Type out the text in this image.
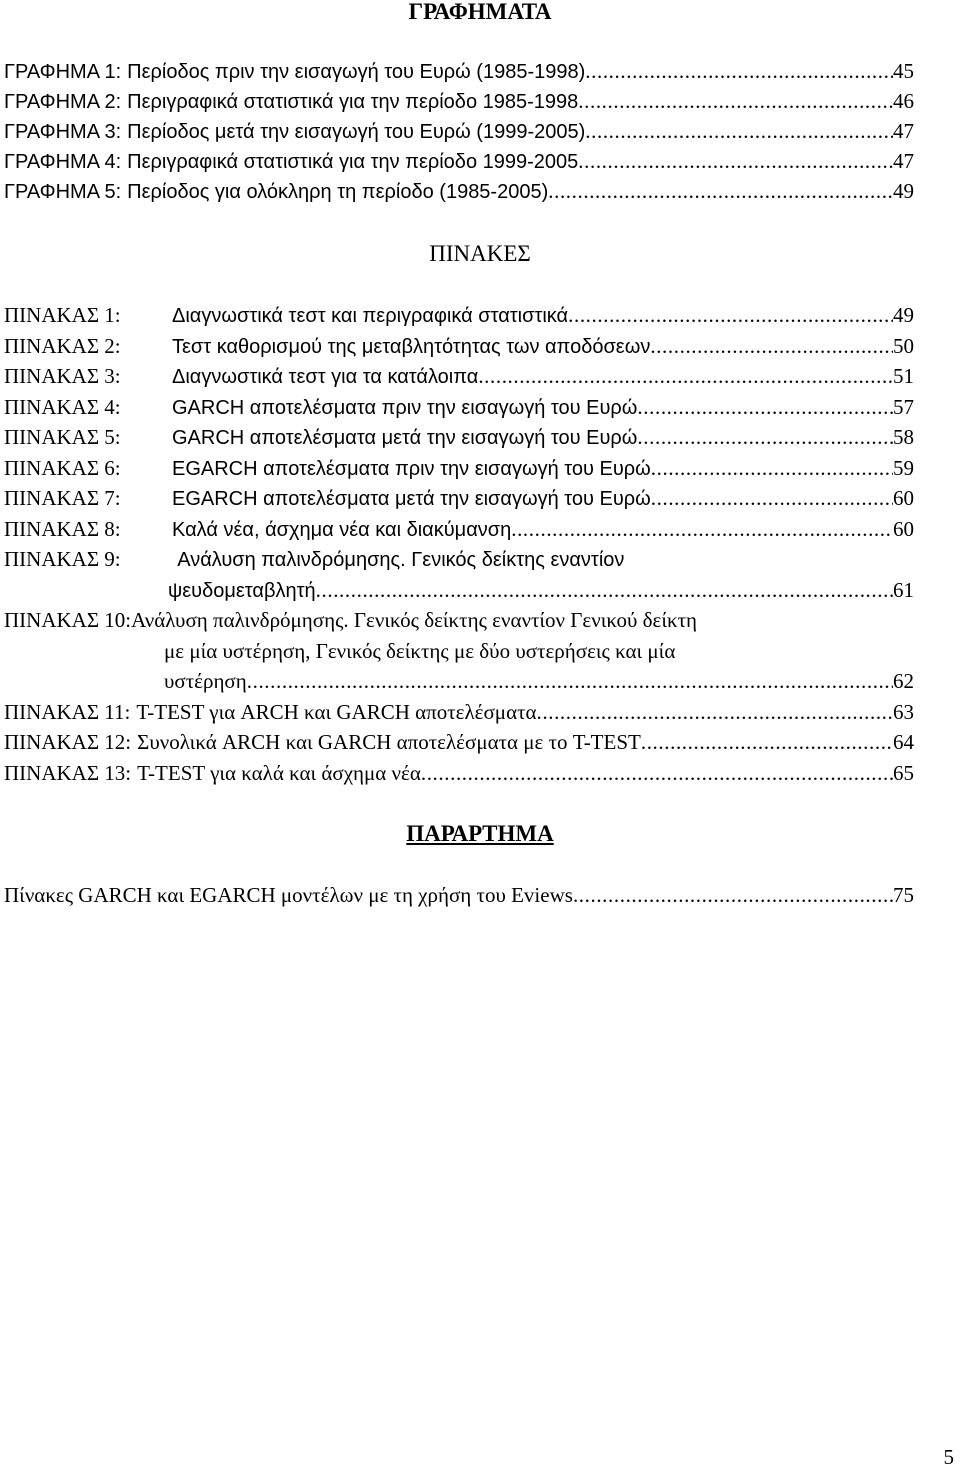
ΓΡΑΦΗΜΑΤΑ
ΓΡΑΦΗΜΑ 1: Περίοδος πριν την εισαγωγή του Ευρώ (1985-1998) .....	45
ΓΡΑΦΗΜΑ 2: Περιγραφικά στατιστικά για την περίοδο 1985-1998 .....	46
ΓΡΑΦΗΜΑ 3: Περίοδος μετά την εισαγωγή του Ευρώ (1999-2005) .....	47
ΓΡΑΦΗΜΑ 4: Περιγραφικά στατιστικά για την περίοδο 1999-2005 .....	47
ΓΡΑΦΗΜΑ 5: Περίοδος για ολόκληρη τη περίοδο (1985-2005) .....	49
ΠΙΝΑΚΕΣ
ΠΙΝΑΚΑΣ 1:	Διαγνωστικά τεστ και περιγραφικά στατιστικά .....	49
ΠΙΝΑΚΑΣ 2:	Τεστ καθορισμού της μεταβλητότητας των αποδόσεων .....	50
ΠΙΝΑΚΑΣ 3:	Διαγνωστικά τεστ για τα κατάλοιπα .....	51
ΠΙΝΑΚΑΣ 4:	GARCH αποτελέσματα πριν την εισαγωγή του Ευρώ .....	57
ΠΙΝΑΚΑΣ 5:	GARCH αποτελέσματα μετά την εισαγωγή του Ευρώ .....	58
ΠΙΝΑΚΑΣ 6:	EGARCH αποτελέσματα πριν την εισαγωγή του Ευρώ .....	59
ΠΙΝΑΚΑΣ 7:	EGARCH αποτελέσματα μετά την εισαγωγή του Ευρώ .....	60
ΠΙΝΑΚΑΣ 8:	Καλά νέα, άσχημα νέα και διακύμανση .....	60
ΠΙΝΑΚΑΣ 9:	Ανάλυση παλινδρόμησης. Γενικός δείκτης εναντίον
ψευδομεταβλητή .....	61
ΠΙΝΑΚΑΣ 10:Ανάλυση παλινδρόμησης. Γενικός δείκτης εναντίον Γενικού δείκτη
με μία υστέρηση, Γενικός δείκτης με δύο υστερήσεις και μία
υστέρηση .....	62
ΠΙΝΑΚΑΣ 11: T-TEST για ARCH και GARCH αποτελέσματα .....	63
ΠΙΝΑΚΑΣ 12: Συνολικά ARCH και GARCH αποτελέσματα με το T-TEST .....	64
ΠΙΝΑΚΑΣ 13: T-TEST για καλά και άσχημα νέα .....	65
ΠΑΡΑΡΤΗΜΑ
Πίνακες GARCH και EGARCH μοντέλων με τη χρήση του Eviews .....	75
5
